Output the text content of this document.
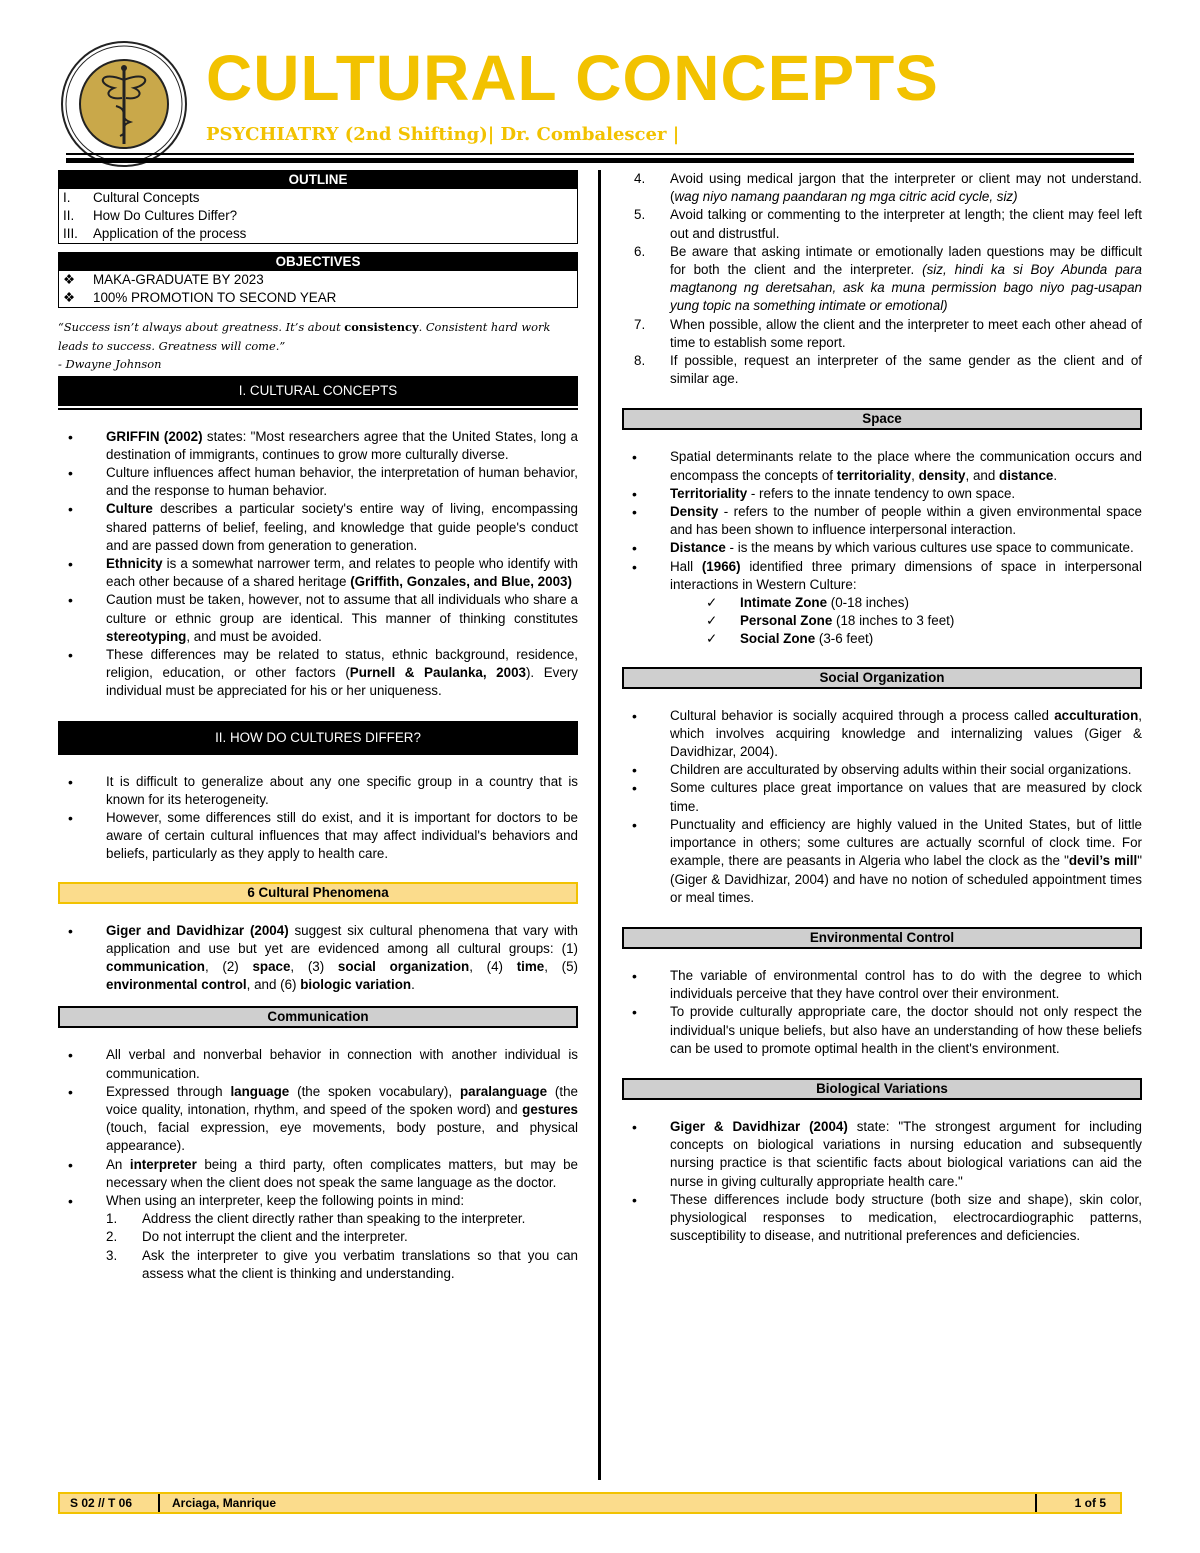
CULTURAL CONCEPTS
PSYCHIATRY (2nd Shifting)| Dr. Combalescer |
OUTLINE
I. Cultural Concepts
II. How Do Cultures Differ?
III. Application of the process
OBJECTIVES
❖ MAKA-GRADUATE BY 2023
❖ 100% PROMOTION TO SECOND YEAR
“Success isn’t always about greatness. It’s about consistency. Consistent hard work leads to success. Greatness will come.”
- Dwayne Johnson
I. CULTURAL CONCEPTS
• GRIFFIN (2002) states: "Most researchers agree that the United States, long a destination of immigrants, continues to grow more culturally diverse.
• Culture influences affect human behavior, the interpretation of human behavior, and the response to human behavior.
• Culture describes a particular society's entire way of living, encompassing shared patterns of belief, feeling, and knowledge that guide people's conduct and are passed down from generation to generation.
• Ethnicity is a somewhat narrower term, and relates to people who identify with each other because of a shared heritage (Griffith, Gonzales, and Blue, 2003)
• Caution must be taken, however, not to assume that all individuals who share a culture or ethnic group are identical. This manner of thinking constitutes stereotyping, and must be avoided.
• These differences may be related to status, ethnic background, residence, religion, education, or other factors (Purnell & Paulanka, 2003). Every individual must be appreciated for his or her uniqueness.
II. HOW DO CULTURES DIFFER?
• It is difficult to generalize about any one specific group in a country that is known for its heterogeneity.
• However, some differences still do exist, and it is important for doctors to be aware of certain cultural influences that may affect individual's behaviors and beliefs, particularly as they apply to health care.
6 Cultural Phenomena
• Giger and Davidhizar (2004) suggest six cultural phenomena that vary with application and use but yet are evidenced among all cultural groups: (1) communication, (2) space, (3) social organization, (4) time, (5) environmental control, and (6) biologic variation.
Communication
• All verbal and nonverbal behavior in connection with another individual is communication.
• Expressed through language (the spoken vocabulary), paralanguage (the voice quality, intonation, rhythm, and speed of the spoken word) and gestures (touch, facial expression, eye movements, body posture, and physical appearance).
• An interpreter being a third party, often complicates matters, but may be necessary when the client does not speak the same language as the doctor.
• When using an interpreter, keep the following points in mind:
1. Address the client directly rather than speaking to the interpreter.
2. Do not interrupt the client and the interpreter.
3. Ask the interpreter to give you verbatim translations so that you can assess what the client is thinking and understanding.
4. Avoid using medical jargon that the interpreter or client may not understand. (wag niyo namang paandaran ng mga citric acid cycle, siz)
5. Avoid talking or commenting to the interpreter at length; the client may feel left out and distrustful.
6. Be aware that asking intimate or emotionally laden questions may be difficult for both the client and the interpreter. (siz, hindi ka si Boy Abunda para magtanong ng deretsahan, ask ka muna permission bago niyo pag-usapan yung topic na something intimate or emotional)
7. When possible, allow the client and the interpreter to meet each other ahead of time to establish some report.
8. If possible, request an interpreter of the same gender as the client and of similar age.
Space
• Spatial determinants relate to the place where the communication occurs and encompass the concepts of territoriality, density, and distance.
• Territoriality - refers to the innate tendency to own space.
• Density - refers to the number of people within a given environmental space and has been shown to influence interpersonal interaction.
• Distance - is the means by which various cultures use space to communicate.
• Hall (1966) identified three primary dimensions of space in interpersonal interactions in Western Culture:
✓ Intimate Zone (0-18 inches)
✓ Personal Zone (18 inches to 3 feet)
✓ Social Zone (3-6 feet)
Social Organization
• Cultural behavior is socially acquired through a process called acculturation, which involves acquiring knowledge and internalizing values (Giger & Davidhizar, 2004).
• Children are acculturated by observing adults within their social organizations.
• Some cultures place great importance on values that are measured by clock time.
• Punctuality and efficiency are highly valued in the United States, but of little importance in others; some cultures are actually scornful of clock time. For example, there are peasants in Algeria who label the clock as the "devil’s mill" (Giger & Davidhizar, 2004) and have no notion of scheduled appointment times or meal times.
Environmental Control
• The variable of environmental control has to do with the degree to which individuals perceive that they have control over their environment.
• To provide culturally appropriate care, the doctor should not only respect the individual's unique beliefs, but also have an understanding of how these beliefs can be used to promote optimal health in the client's environment.
Biological Variations
• Giger & Davidhizar (2004) state: "The strongest argument for including concepts on biological variations in nursing education and subsequently nursing practice is that scientific facts about biological variations can aid the nurse in giving culturally appropriate health care."
• These differences include body structure (both size and shape), skin color, physiological responses to medication, electrocardiographic patterns, susceptibility to disease, and nutritional preferences and deficiencies.
S 02 // T 06	Arciaga, Manrique	1 of 5
